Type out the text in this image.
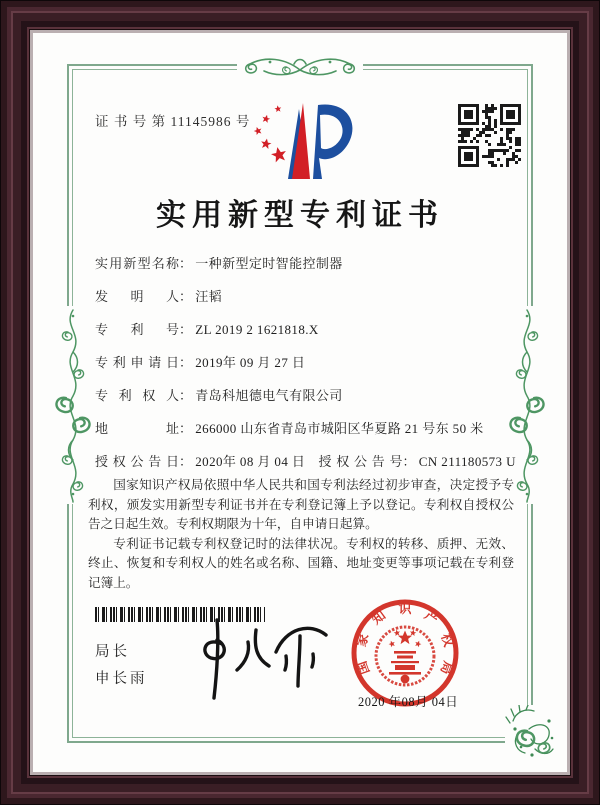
证 书 号 第 11145986 号
实用新型专利证书
实用新型名称： 一种新型定时智能控制器
发明人： 汪韬
专利号： ZL 2019 2 1621818.X
专利申请日： 2019年 09 月 27 日
专利权人： 青岛科旭德电气有限公司
地址： 266000 山东省青岛市城阳区华夏路 21 号东 50 米
授权公告日： 2020年 08 月 04 日 授权公告号： CN 211180573 U

国家知识产权局依照中华人民共和国专利法经过初步审查，决定授予专利权，颁发实用新型专利证书并在专利登记簿上予以登记。专利权自授权公告之日起生效。专利权期限为十年，自申请日起算。

专利证书记载专利权登记时的法律状况。专利权的转移、质押、无效、终止、恢复和专利权人的姓名或名称、国籍、地址变更等事项记载在专利登记簿上。

局长
申长雨
国
家
知 识 产
权
局
2020 年08月 04日
